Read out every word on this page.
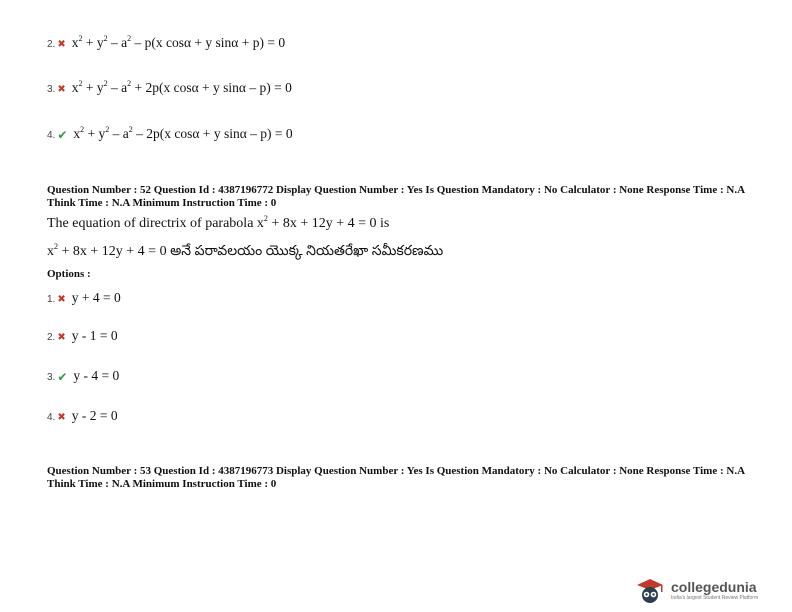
2. ✖ $x^2 + y^2 - a^2 - p(x$ cosα + y sinα + p) = 0
3. ✖ $x^2 + y^2 - a^2 + 2p(x$ cosα + y sinα – p) = 0
4. ✔ $x^2 + y^2 - a^2 - 2p(x$ cosα + y sinα – p) = 0
Question Number : 52 Question Id : 4387196772 Display Question Number : Yes Is Question Mandatory : No Calculator : None Response Time : N.A Think Time : N.A Minimum Instruction Time : 0
The equation of directrix of parabola $x^2 + 8x + 12y + 4 = 0$ is
$x^2 + 8x + 12y + 4 = 0$ అనే పరావలయం యొక్క నియతరేఖా సమీకరణము
Options :
1. ✖ y + 4 = 0
2. ✖ y - 1 = 0
3. ✔ y - 4 = 0
4. ✖ y - 2 = 0
Question Number : 53 Question Id : 4387196773 Display Question Number : Yes Is Question Mandatory : No Calculator : None Response Time : N.A Think Time : N.A Minimum Instruction Time : 0
collegedunia
India's largest Student Review Platform
